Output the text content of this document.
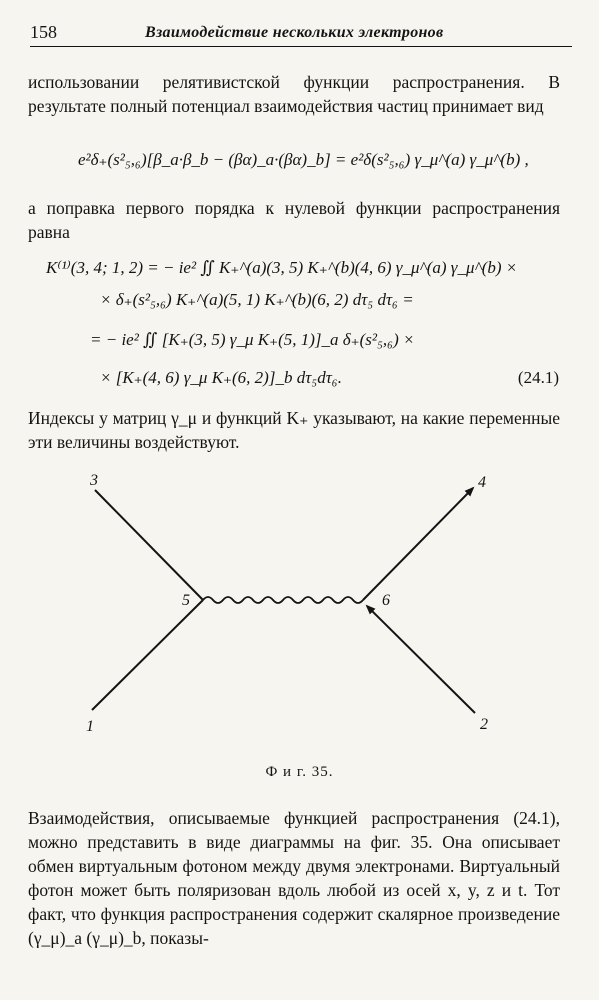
158	Взаимодействие нескольких электронов
использовании релятивистской функции распространения. В результате полный потенциал взаимодействия частиц принимает вид
e²δ₊(s²₅,₆)[β_a·β_b − (βα)_a·(βα)_b] = e²δ(s²₅,₆) γ_μ^(a) γ_μ^(b) ,
а поправка первого порядка к нулевой функции распространения равна
K⁽¹⁾(3, 4; 1, 2) = − ie² ∬ K₊^(a)(3, 5) K₊^(b)(4, 6) γ_μ^(a) γ_μ^(b) ×
× δ₊(s²₅,₆) K₊^(a)(5, 1) K₊^(b)(6, 2) dτ₅ dτ₆ =
= − ie² ∬ [K₊(3, 5) γ_μ K₊(5, 1)]_a δ₊(s²₅,₆) ×
× [K₊(4, 6) γ_μ K₊(6, 2)]_b dτ₅dτ₆.	(24.1)
Индексы у матриц γ_μ и функций K₊ указывают, на какие переменные эти величины воздействуют.
3	4
5	6
1	2
Ф и г. 35.
Взаимодействия, описываемые функцией распространения (24.1), можно представить в виде диаграммы на фиг. 35. Она описывает обмен виртуальным фотоном между двумя электронами. Виртуальный фотон может быть поляризован вдоль любой из осей x, y, z и t. Тот факт, что функция распространения содержит скалярное произведение (γ_μ)_a (γ_μ)_b, показы-
